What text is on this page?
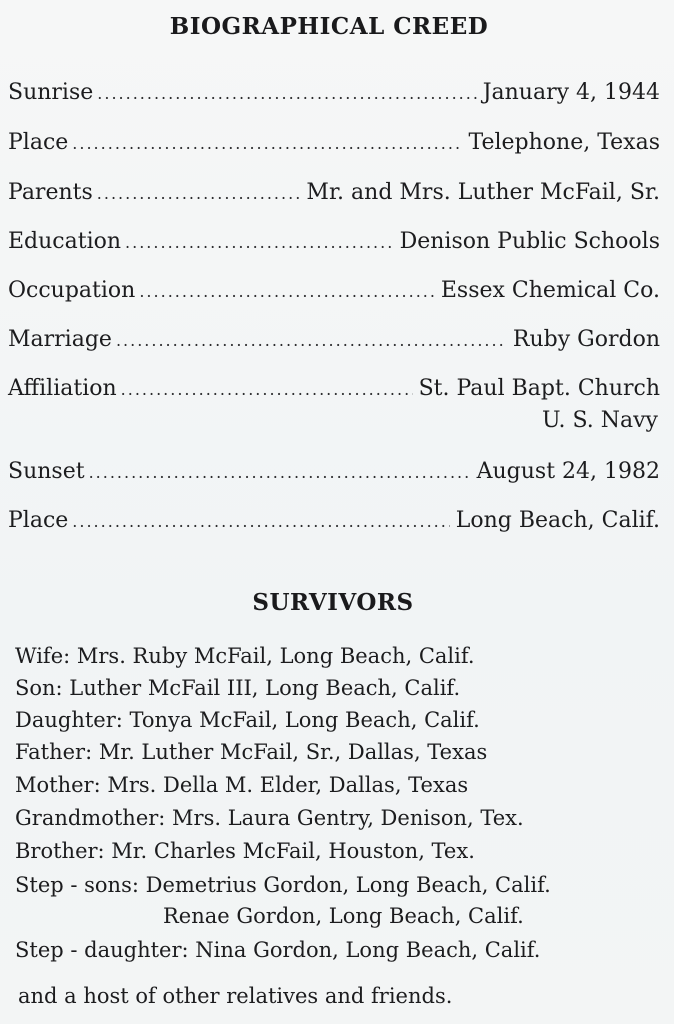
BIOGRAPHICAL CREED
Sunrise .....	January 4, 1944
Place .....	Telephone, Texas
Parents .....	Mr. and Mrs. Luther McFail, Sr.
Education .....	Denison Public Schools
Occupation .....	Essex Chemical Co.
Marriage .....	Ruby Gordon
Affiliation .....	St. Paul Bapt. Church
U. S. Navy
Sunset .....	August 24, 1982
Place .....	Long Beach, Calif.
SURVIVORS
Wife: Mrs. Ruby McFail, Long Beach, Calif.
Son: Luther McFail III, Long Beach, Calif.
Daughter: Tonya McFail, Long Beach, Calif.
Father: Mr. Luther McFail, Sr., Dallas, Texas
Mother: Mrs. Della M. Elder, Dallas, Texas
Grandmother: Mrs. Laura Gentry, Denison, Tex.
Brother: Mr. Charles McFail, Houston, Tex.
Step - sons: Demetrius Gordon, Long Beach, Calif.
Renae Gordon, Long Beach, Calif.
Step - daughter: Nina Gordon, Long Beach, Calif.
and a host of other relatives and friends.
